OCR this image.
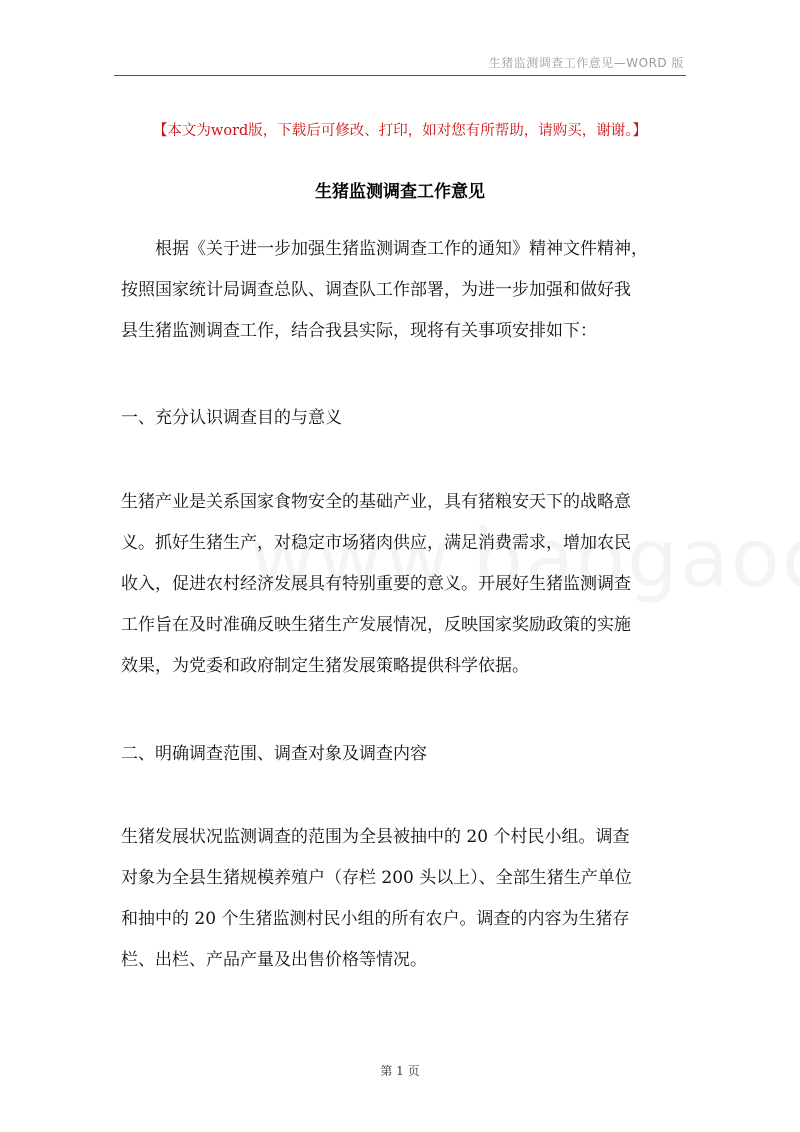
生猪监测调查工作意见—WORD 版
【本文为word版，下载后可修改、打印，如对您有所帮助，请购买，谢谢。】
生猪监测调查工作意见

　　根据《关于进一步加强生猪监测调查工作的通知》精神文件精神，
按照国家统计局调查总队、调查队工作部署，为进一步加强和做好我
县生猪监测调查工作，结合我县实际，现将有关事项安排如下：

一、充分认识调查目的与意义

生猪产业是关系国家食物安全的基础产业，具有猪粮安天下的战略意
义。抓好生猪生产，对稳定市场猪肉供应，满足消费需求，增加农民
收入，促进农村经济发展具有特别重要的意义。开展好生猪监测调查
工作旨在及时准确反映生猪生产发展情况，反映国家奖励政策的实施
效果，为党委和政府制定生猪发展策略提供科学依据。

二、明确调查范围、调查对象及调查内容

生猪发展状况监测调查的范围为全县被抽中的 20 个村民小组。调查
对象为全县生猪规模养殖户（存栏 200 头以上）、全部生猪生产单位
和抽中的 20 个生猪监测村民小组的所有农户。调查的内容为生猪存
栏、出栏、产品产量及出售价格等情况。

第 1 页
